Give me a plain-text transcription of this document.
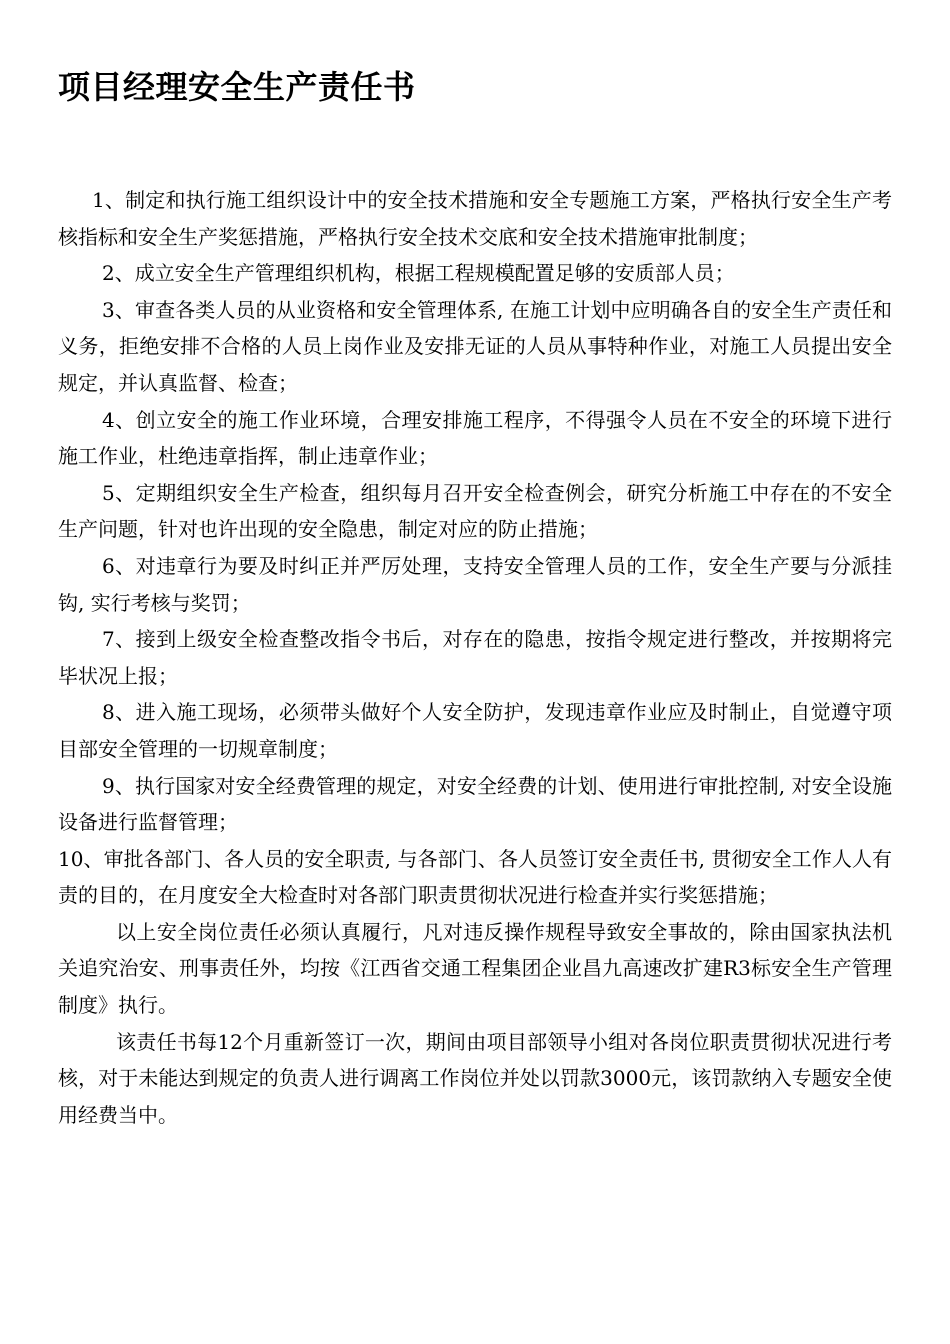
项目经理安全生产责任书

1、制定和执行施工组织设计中的安全技术措施和安全专题施工方案，严格执行安全生产考核指标和安全生产奖惩措施，严格执行安全技术交底和安全技术措施审批制度；

2、成立安全生产管理组织机构，根据工程规模配置足够的安质部人员；

3、审查各类人员的从业资格和安全管理体系, 在施工计划中应明确各自的安全生产责任和义务，拒绝安排不合格的人员上岗作业及安排无证的人员从事特种作业，对施工人员提出安全规定，并认真监督、检查；

4、创立安全的施工作业环境，合理安排施工程序，不得强令人员在不安全的环境下进行施工作业，杜绝违章指挥，制止违章作业；

5、定期组织安全生产检查，组织每月召开安全检查例会，研究分析施工中存在的不安全生产问题，针对也许出现的安全隐患，制定对应的防止措施；

6、对违章行为要及时纠正并严厉处理，支持安全管理人员的工作，安全生产要与分派挂钩, 实行考核与奖罚；

7、接到上级安全检查整改指令书后，对存在的隐患，按指令规定进行整改，并按期将完毕状况上报；

8、进入施工现场，必须带头做好个人安全防护，发现违章作业应及时制止，自觉遵守项目部安全管理的一切规章制度；

9、执行国家对安全经费管理的规定，对安全经费的计划、使用进行审批控制, 对安全设施设备进行监督管理；

10、审批各部门、各人员的安全职责, 与各部门、各人员签订安全责任书, 贯彻安全工作人人有责的目的，在月度安全大检查时对各部门职责贯彻状况进行检查并实行奖惩措施；

以上安全岗位责任必须认真履行，凡对违反操作规程导致安全事故的，除由国家执法机关追究治安、刑事责任外，均按《江西省交通工程集团企业昌九高速改扩建R3标安全生产管理制度》执行。

该责任书每12个月重新签订一次，期间由项目部领导小组对各岗位职责贯彻状况进行考核，对于未能达到规定的负责人进行调离工作岗位并处以罚款3000元，该罚款纳入专题安全使用经费当中。
